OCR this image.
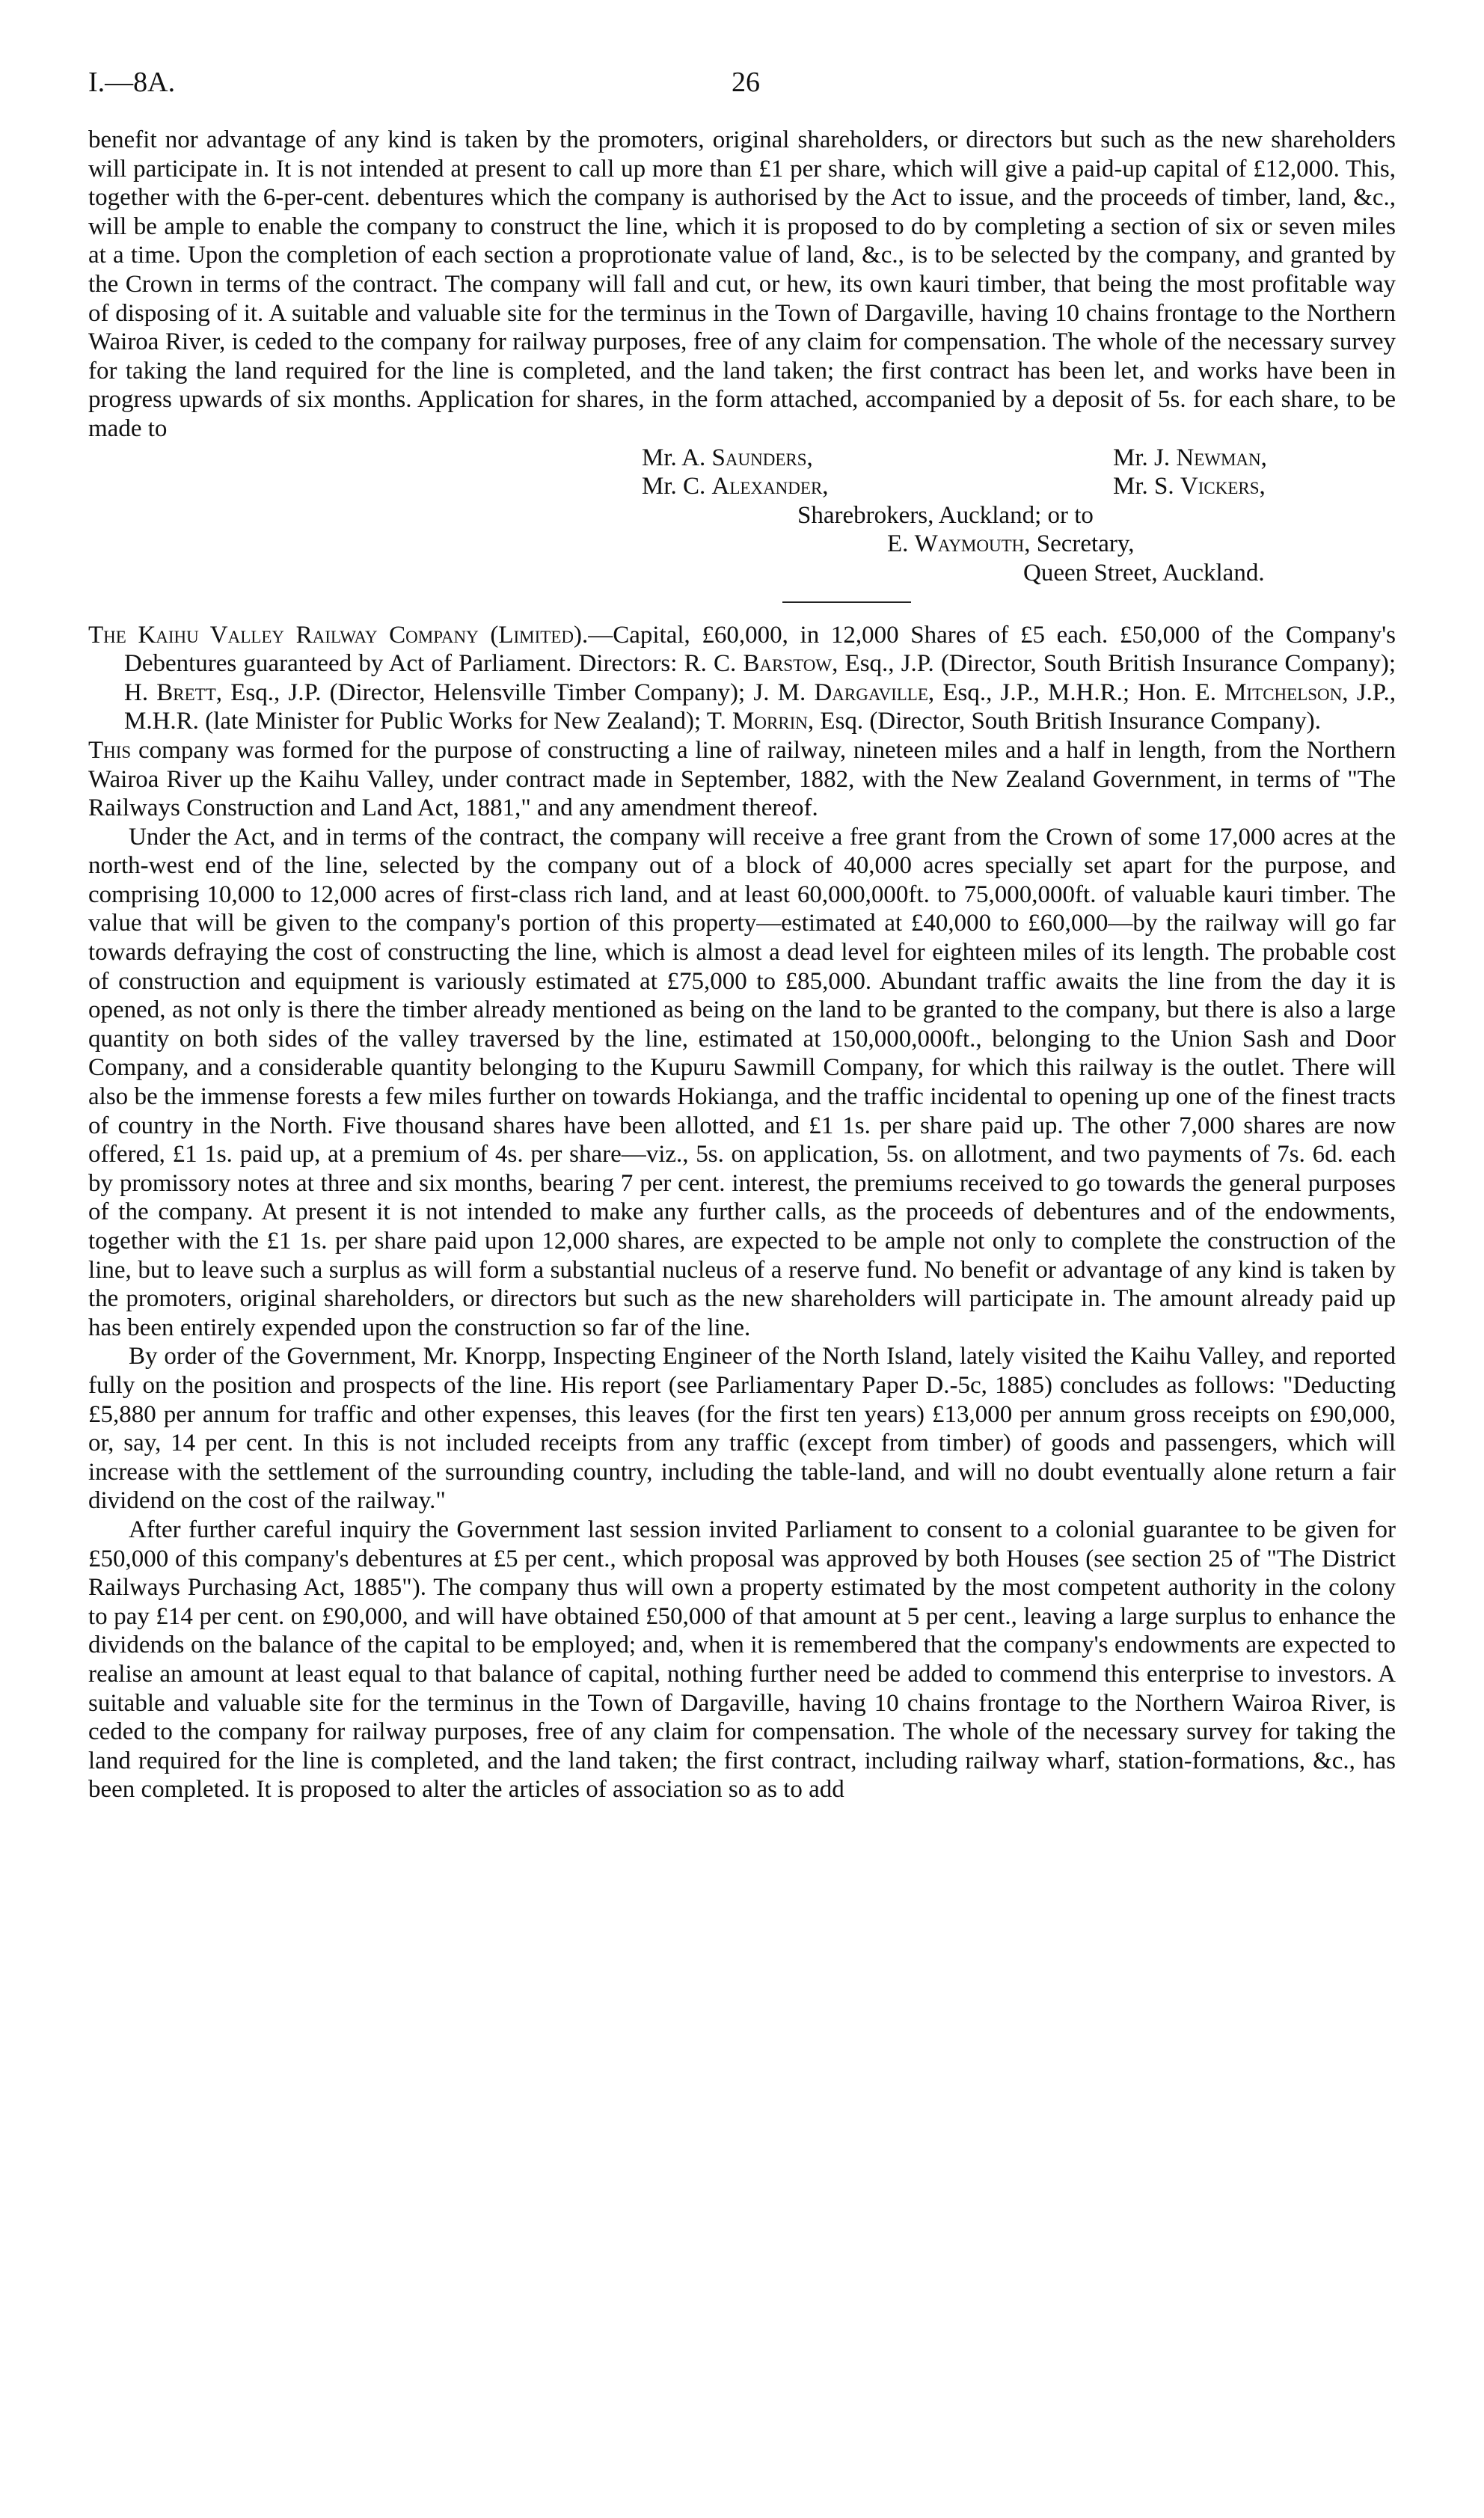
I.—8A.	26

benefit nor advantage of any kind is taken by the promoters, original shareholders, or directors but such as the new shareholders will participate in. It is not intended at present to call up more than £1 per share, which will give a paid-up capital of £12,000. This, together with the 6-per-cent. debentures which the company is authorised by the Act to issue, and the proceeds of timber, land, &c., will be ample to enable the company to construct the line, which it is proposed to do by completing a section of six or seven miles at a time. Upon the completion of each section a proprotionate value of land, &c., is to be selected by the company, and granted by the Crown in terms of the contract. The company will fall and cut, or hew, its own kauri timber, that being the most profitable way of disposing of it. A suitable and valuable site for the terminus in the Town of Dargaville, having 10 chains frontage to the Northern Wairoa River, is ceded to the company for railway purposes, free of any claim for compensation. The whole of the necessary survey for taking the land required for the line is completed, and the land taken; the first contract has been let, and works have been in progress upwards of six months. Application for shares, in the form attached, accompanied by a deposit of 5s. for each share, to be made to

Mr. A. Saunders,	Mr. J. Newman,
Mr. C. Alexander,	Mr. S. Vickers,
Sharebrokers, Auckland; or to
E. Waymouth, Secretary,
Queen Street, Auckland.

The Kaihu Valley Railway Company (Limited).—Capital, £60,000, in 12,000 Shares of £5 each. £50,000 of the Company's Debentures guaranteed by Act of Parliament. Directors: R. C. Barstow, Esq., J.P. (Director, South British Insurance Company); H. Brett, Esq., J.P. (Director, Helensville Timber Company); J. M. Dargaville, Esq., J.P., M.H.R.; Hon. E. Mitchelson, J.P., M.H.R. (late Minister for Public Works for New Zealand); T. Morrin, Esq. (Director, South British Insurance Company).

This company was formed for the purpose of constructing a line of railway, nineteen miles and a half in length, from the Northern Wairoa River up the Kaihu Valley, under contract made in September, 1882, with the New Zealand Government, in terms of "The Railways Construction and Land Act, 1881," and any amendment thereof.

Under the Act, and in terms of the contract, the company will receive a free grant from the Crown of some 17,000 acres at the north-west end of the line, selected by the company out of a block of 40,000 acres specially set apart for the purpose, and comprising 10,000 to 12,000 acres of first-class rich land, and at least 60,000,000ft. to 75,000,000ft. of valuable kauri timber. The value that will be given to the company's portion of this property—estimated at £40,000 to £60,000—by the railway will go far towards defraying the cost of constructing the line, which is almost a dead level for eighteen miles of its length. The probable cost of construction and equipment is variously estimated at £75,000 to £85,000. Abundant traffic awaits the line from the day it is opened, as not only is there the timber already mentioned as being on the land to be granted to the company, but there is also a large quantity on both sides of the valley traversed by the line, estimated at 150,000,000ft., belonging to the Union Sash and Door Company, and a considerable quantity belonging to the Kupuru Sawmill Company, for which this railway is the outlet. There will also be the immense forests a few miles further on towards Hokianga, and the traffic incidental to opening up one of the finest tracts of country in the North. Five thousand shares have been allotted, and £1 1s. per share paid up. The other 7,000 shares are now offered, £1 1s. paid up, at a premium of 4s. per share—viz., 5s. on application, 5s. on allotment, and two payments of 7s. 6d. each by promissory notes at three and six months, bearing 7 per cent. interest, the premiums received to go towards the general purposes of the company. At present it is not intended to make any further calls, as the proceeds of debentures and of the endowments, together with the £1 1s. per share paid upon 12,000 shares, are expected to be ample not only to complete the construction of the line, but to leave such a surplus as will form a substantial nucleus of a reserve fund. No benefit or advantage of any kind is taken by the promoters, original shareholders, or directors but such as the new shareholders will participate in. The amount already paid up has been entirely expended upon the construction so far of the line.

By order of the Government, Mr. Knorpp, Inspecting Engineer of the North Island, lately visited the Kaihu Valley, and reported fully on the position and prospects of the line. His report (see Parliamentary Paper D.-5c, 1885) concludes as follows: "Deducting £5,880 per annum for traffic and other expenses, this leaves (for the first ten years) £13,000 per annum gross receipts on £90,000, or, say, 14 per cent. In this is not included receipts from any traffic (except from timber) of goods and passengers, which will increase with the settlement of the surrounding country, including the table-land, and will no doubt eventually alone return a fair dividend on the cost of the railway."

After further careful inquiry the Government last session invited Parliament to consent to a colonial guarantee to be given for £50,000 of this company's debentures at £5 per cent., which proposal was approved by both Houses (see section 25 of "The District Railways Purchasing Act, 1885"). The company thus will own a property estimated by the most competent authority in the colony to pay £14 per cent. on £90,000, and will have obtained £50,000 of that amount at 5 per cent., leaving a large surplus to enhance the dividends on the balance of the capital to be employed; and, when it is remembered that the company's endowments are expected to realise an amount at least equal to that balance of capital, nothing further need be added to commend this enterprise to investors. A suitable and valuable site for the terminus in the Town of Dargaville, having 10 chains frontage to the Northern Wairoa River, is ceded to the company for railway purposes, free of any claim for compensation. The whole of the necessary survey for taking the land required for the line is completed, and the land taken; the first contract, including railway wharf, station-formations, &c., has been completed. It is proposed to alter the articles of association so as to add
